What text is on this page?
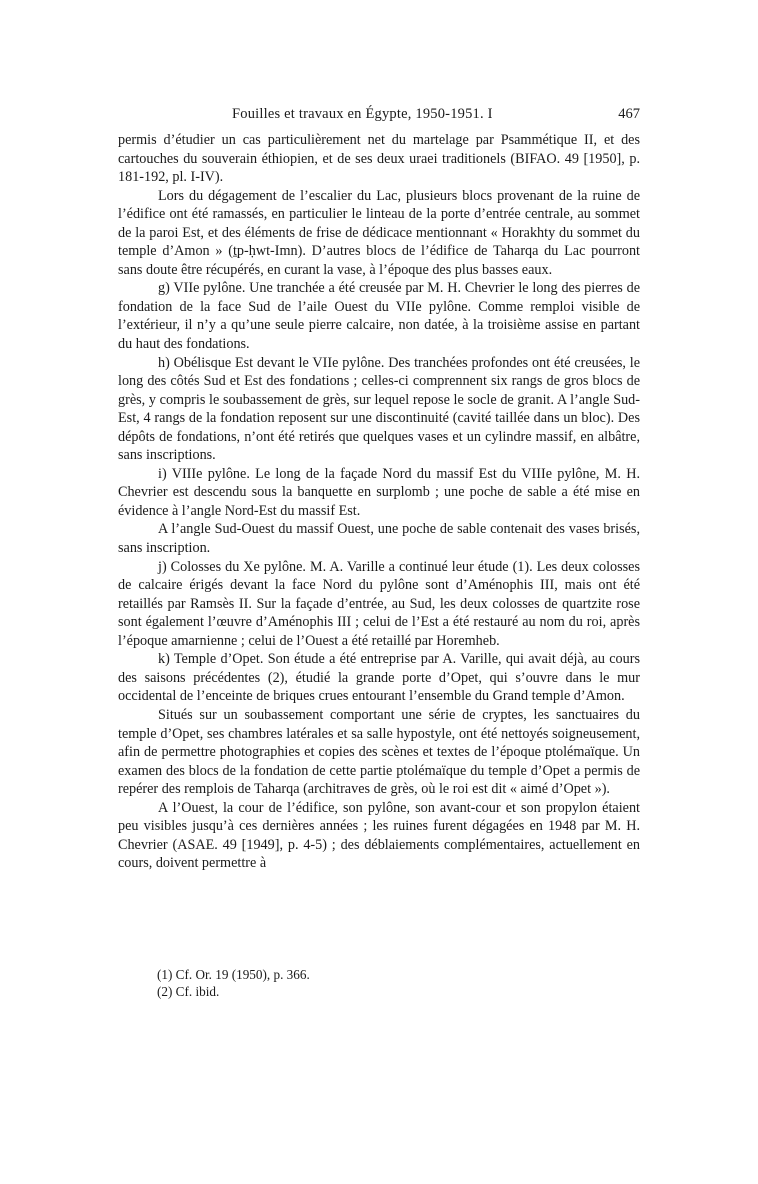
Fouilles et travaux en Égypte, 1950-1951. I	467

permis d’étudier un cas particulièrement net du martelage par Psammétique II, et des cartouches du souverain éthiopien, et de ses deux uraei traditionels (BIFAO. 49 [1950], p. 181-192, pl. I-IV).

Lors du dégagement de l’escalier du Lac, plusieurs blocs provenant de la ruine de l’édifice ont été ramassés, en particulier le linteau de la porte d’entrée centrale, au sommet de la paroi Est, et des éléments de frise de dédicace mentionnant « Horakhty du sommet du temple d’Amon » (ṯp-ḥwt-Imn). D’autres blocs de l’édifice de Taharqa du Lac pourront sans doute être récupérés, en curant la vase, à l’époque des plus basses eaux.

g) VIIe pylône. Une tranchée a été creusée par M. H. Chevrier le long des pierres de fondation de la face Sud de l’aile Ouest du VIIe pylône. Comme remploi visible de l’extérieur, il n’y a qu’une seule pierre calcaire, non datée, à la troisième assise en partant du haut des fondations.

h) Obélisque Est devant le VIIe pylône. Des tranchées profondes ont été creusées, le long des côtés Sud et Est des fondations ; celles-ci comprennent six rangs de gros blocs de grès, y compris le soubassement de grès, sur lequel repose le socle de granit. A l’angle Sud-Est, 4 rangs de la fondation reposent sur une discontinuité (cavité taillée dans un bloc). Des dépôts de fondations, n’ont été retirés que quelques vases et un cylindre massif, en albâtre, sans inscriptions.

i) VIIIe pylône. Le long de la façade Nord du massif Est du VIIIe pylône, M. H. Chevrier est descendu sous la banquette en surplomb ; une poche de sable a été mise en évidence à l’angle Nord-Est du massif Est.

A l’angle Sud-Ouest du massif Ouest, une poche de sable contenait des vases brisés, sans inscription.

j) Colosses du Xe pylône. M. A. Varille a continué leur étude (1). Les deux colosses de calcaire érigés devant la face Nord du pylône sont d’Aménophis III, mais ont été retaillés par Ramsès II. Sur la façade d’entrée, au Sud, les deux colosses de quartzite rose sont également l’œuvre d’Aménophis III ; celui de l’Est a été restauré au nom du roi, après l’époque amarnienne ; celui de l’Ouest a été retaillé par Horemheb.

k) Temple d’Opet. Son étude a été entreprise par A. Varille, qui avait déjà, au cours des saisons précédentes (2), étudié la grande porte d’Opet, qui s’ouvre dans le mur occidental de l’enceinte de briques crues entourant l’ensemble du Grand temple d’Amon.

Situés sur un soubassement comportant une série de cryptes, les sanctuaires du temple d’Opet, ses chambres latérales et sa salle hypostyle, ont été nettoyés soigneusement, afin de permettre photographies et copies des scènes et textes de l’époque ptolémaïque. Un examen des blocs de la fondation de cette partie ptolémaïque du temple d’Opet a permis de repérer des remplois de Taharqa (architraves de grès, où le roi est dit « aimé d’Opet »).

A l’Ouest, la cour de l’édifice, son pylône, son avant-cour et son propylon étaient peu visibles jusqu’à ces dernières années ; les ruines furent dégagées en 1948 par M. H. Chevrier (ASAE. 49 [1949], p. 4-5) ; des déblaiements complémentaires, actuellement en cours, doivent permettre à

(1) Cf. Or. 19 (1950), p. 366.
(2) Cf. ibid.
